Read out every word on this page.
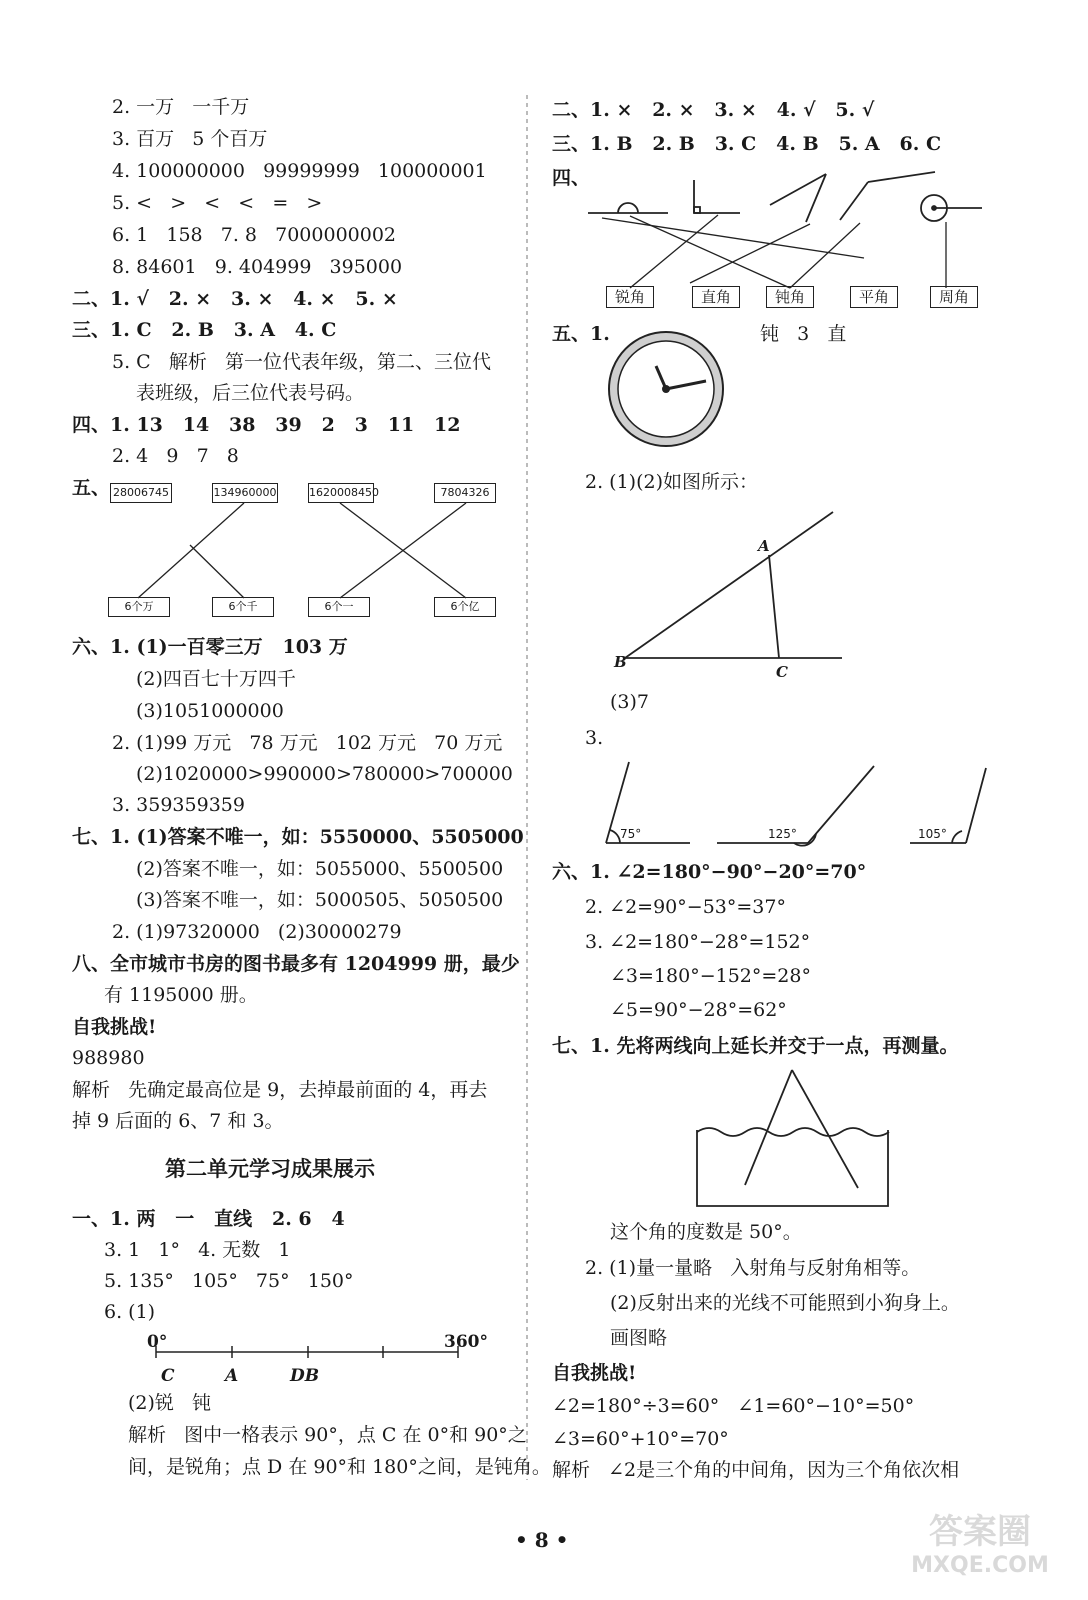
2. 一万   一千万
3. 百万   5 个百万
4. 100000000   99999999   100000001
5. <   >   <   <   =   >
6. 1   158   7. 8   7000000002
8. 84601   9. 404999   395000
二、1. √   2. ×   3. ×   4. ×   5. ×
三、1. C   2. B   3. A   4. C
5. C   解析   第一位代表年级，第二、三位代
表班级，后三位代表号码。
四、1. 13   14   38   39   2   3   11   12
2. 4   9   7   8
五、
六、1. (1)一百零三万   103 万
(2)四百七十万四千
(3)1051000000
2. (1)99 万元   78 万元   102 万元   70 万元
(2)1020000>990000>780000>700000
3. 359359359
七、1. (1)答案不唯一，如：5550000、5505000
(2)答案不唯一，如：5055000、5500500
(3)答案不唯一，如：5000505、5050500
2. (1)97320000   (2)30000279
八、全市城市书房的图书最多有 1204999 册，最少
有 1195000 册。
自我挑战!
988980
解析   先确定最高位是 9，去掉最前面的 4，再去
掉 9 后面的 6、7 和 3。
一、1. 两   一   直线   2. 6   4
3. 1   1°   4. 无数   1
5. 135°   105°   75°   150°
6. (1)
(2)锐   钝
解析   图中一格表示 90°，点 C 在 0°和 90°之
间，是锐角；点 D 在 90°和 180°之间，是钝角。
二、1. ×   2. ×   3. ×   4. √   5. √
三、1. B   2. B   3. C   4. B   5. A   6. C
四、
五、1.	钝   3   直
2. (1)(2)如图所示：
(3)7
3.
六、1. ∠2=180°−90°−20°=70°
2. ∠2=90°−53°=37°
3. ∠2=180°−28°=152°
∠3=180°−152°=28°
∠5=90°−28°=62°
七、1. 先将两线向上延长并交于一点，再测量。
这个角的度数是 50°。
2. (1)量一量略   入射角与反射角相等。
(2)反射出来的光线不可能照到小狗身上。
画图略
自我挑战!
∠2=180°÷3=60°   ∠1=60°−10°=50°
∠3=60°+10°=70°
解析   ∠2是三个角的中间角，因为三个角依次相
第二单元学习成果展示
28006745	134960000	1620008450	7804326
6个万	6个千	6个一	6个亿
0°	360°
C	A	DB
锐角	直角	钝角	平角	周角
A
B
C
75°	125°	105°
• 8 •	答案圈
MXQE.COM
